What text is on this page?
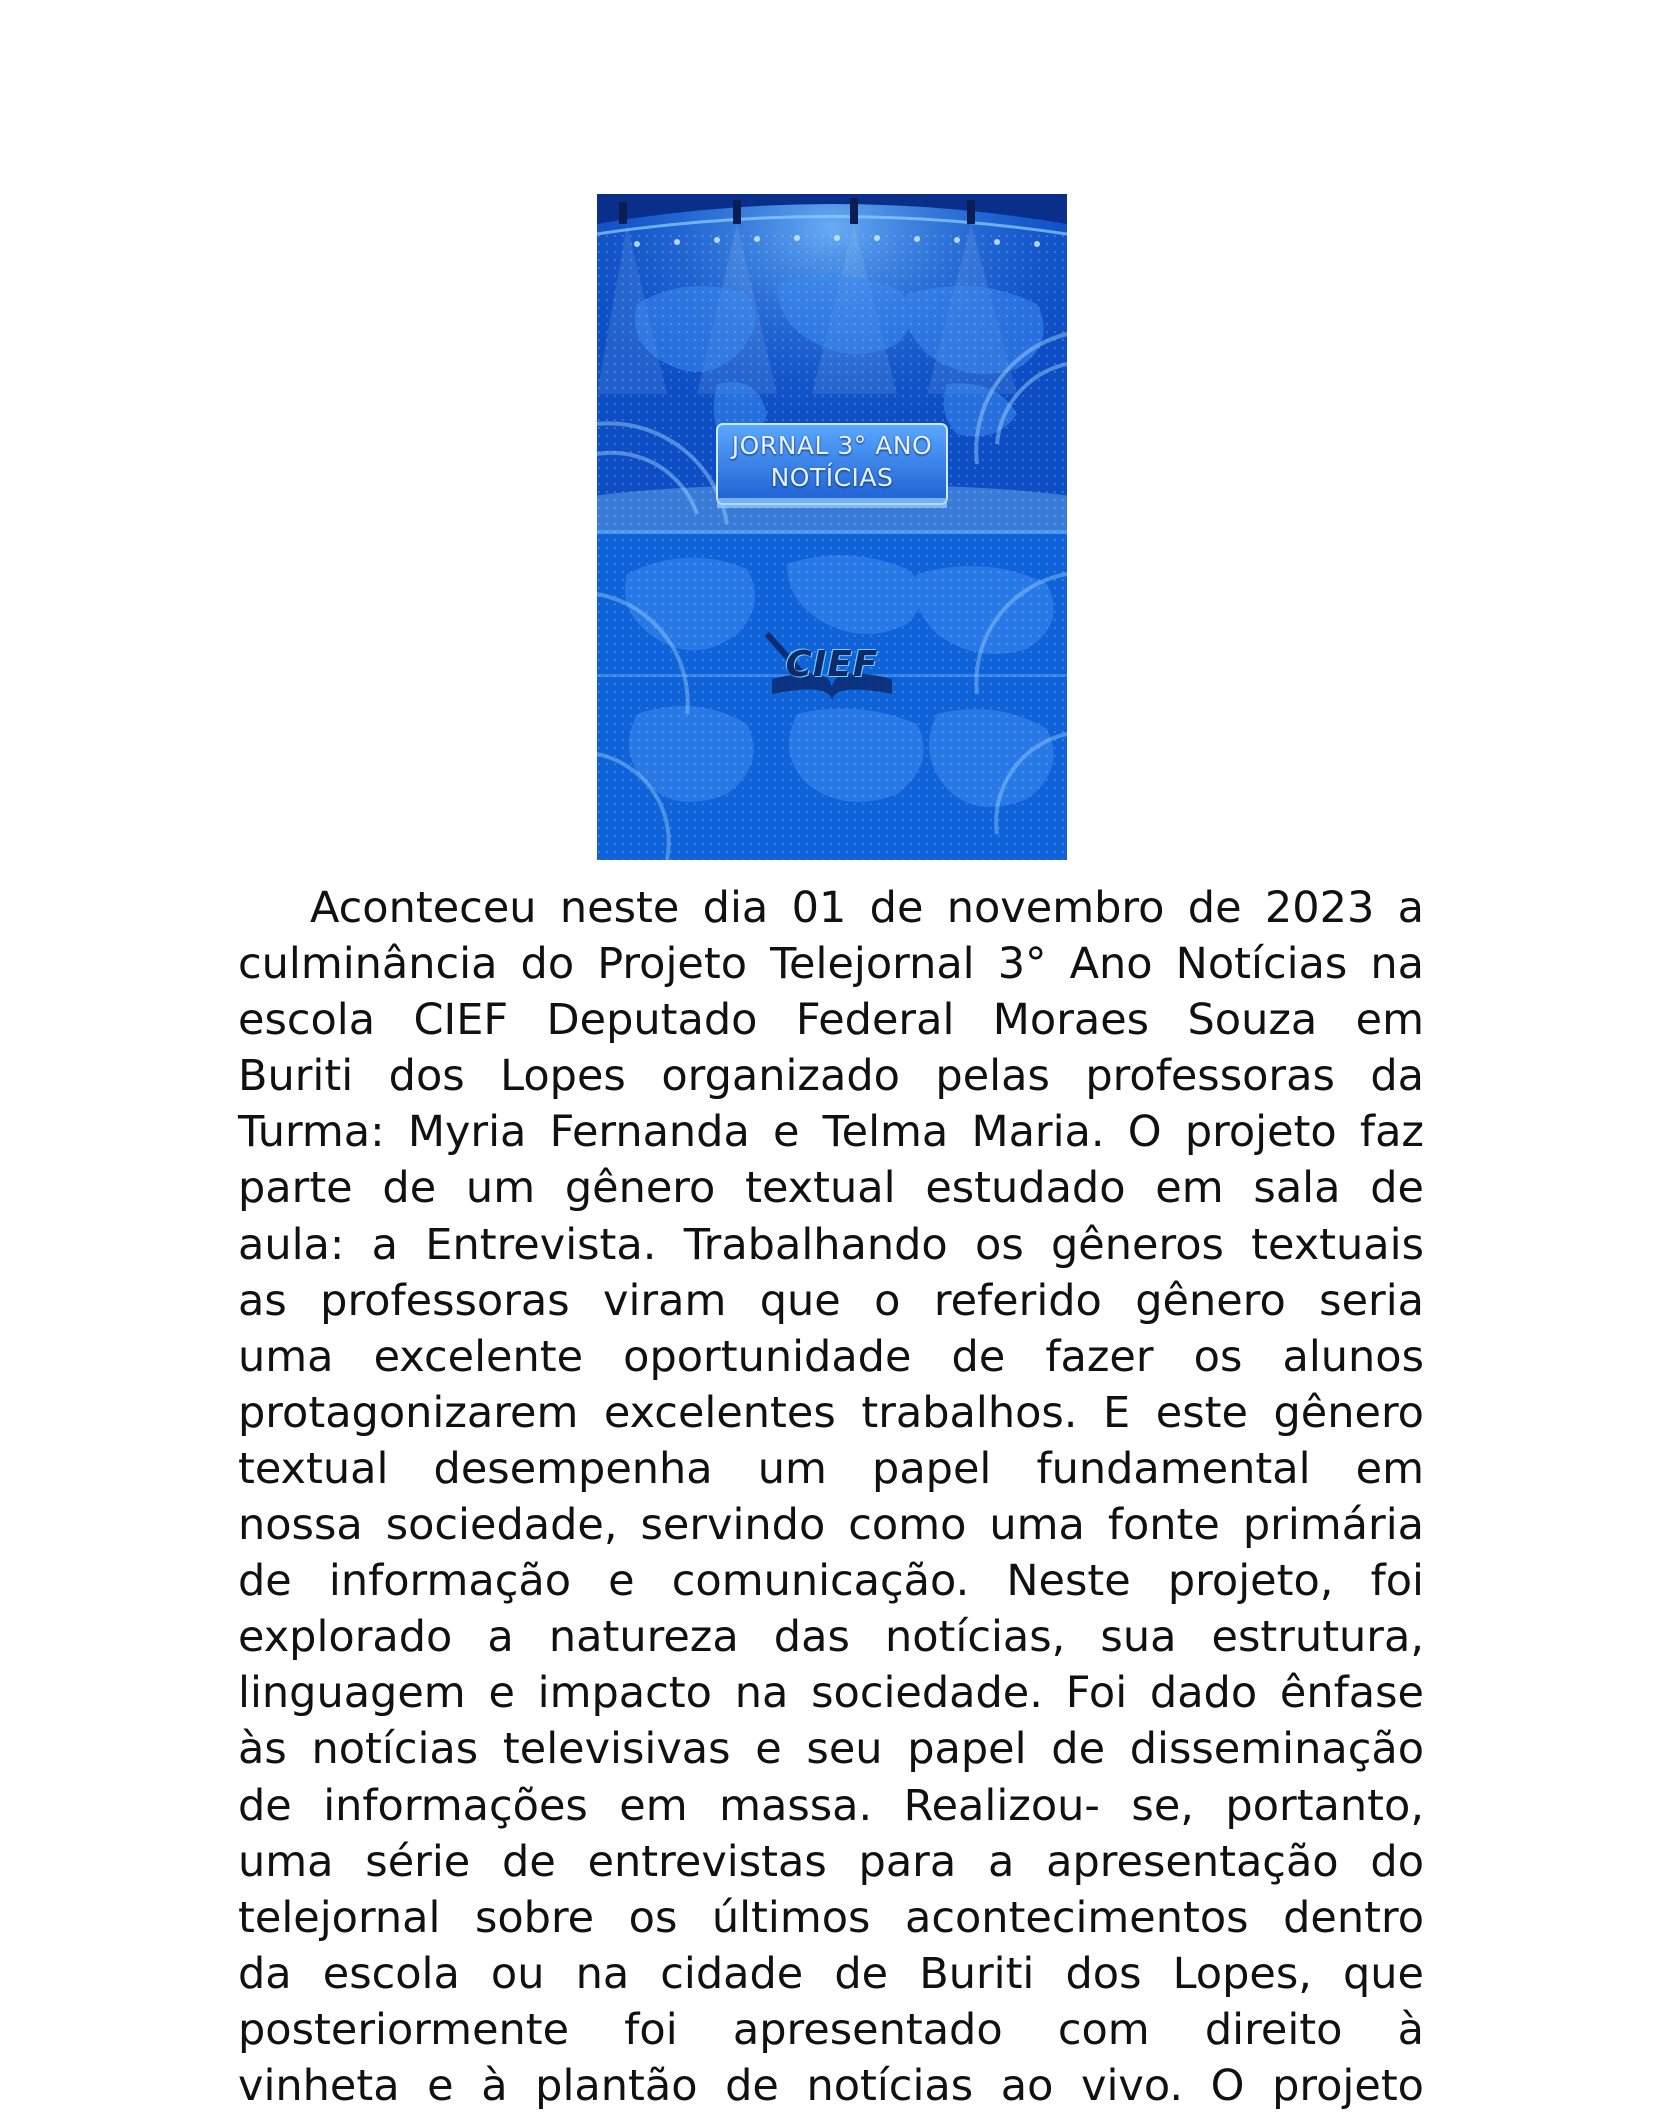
JORNAL 3° ANO
NOTÍCIAS
CIEF
Aconteceu neste dia 01 de novembro de 2023 a
culminância do Projeto Telejornal 3° Ano Notícias na
escola CIEF Deputado Federal Moraes Souza em
Buriti dos Lopes organizado pelas professoras da
Turma: Myria Fernanda e Telma Maria. O projeto faz
parte de um gênero textual estudado em sala de
aula: a Entrevista. Trabalhando os gêneros textuais
as professoras viram que o referido gênero seria
uma excelente oportunidade de fazer os alunos
protagonizarem excelentes trabalhos. E este gênero
textual desempenha um papel fundamental em
nossa sociedade, servindo como uma fonte primária
de informação e comunicação. Neste projeto, foi
explorado a natureza das notícias, sua estrutura,
linguagem e impacto na sociedade. Foi dado ênfase
às notícias televisivas e seu papel de disseminação
de informações em massa. Realizou- se, portanto,
uma série de entrevistas para a apresentação do
telejornal sobre os últimos acontecimentos dentro
da escola ou na cidade de Buriti dos Lopes, que
posteriormente foi apresentado com direito à
vinheta e à plantão de notícias ao vivo. O projeto
